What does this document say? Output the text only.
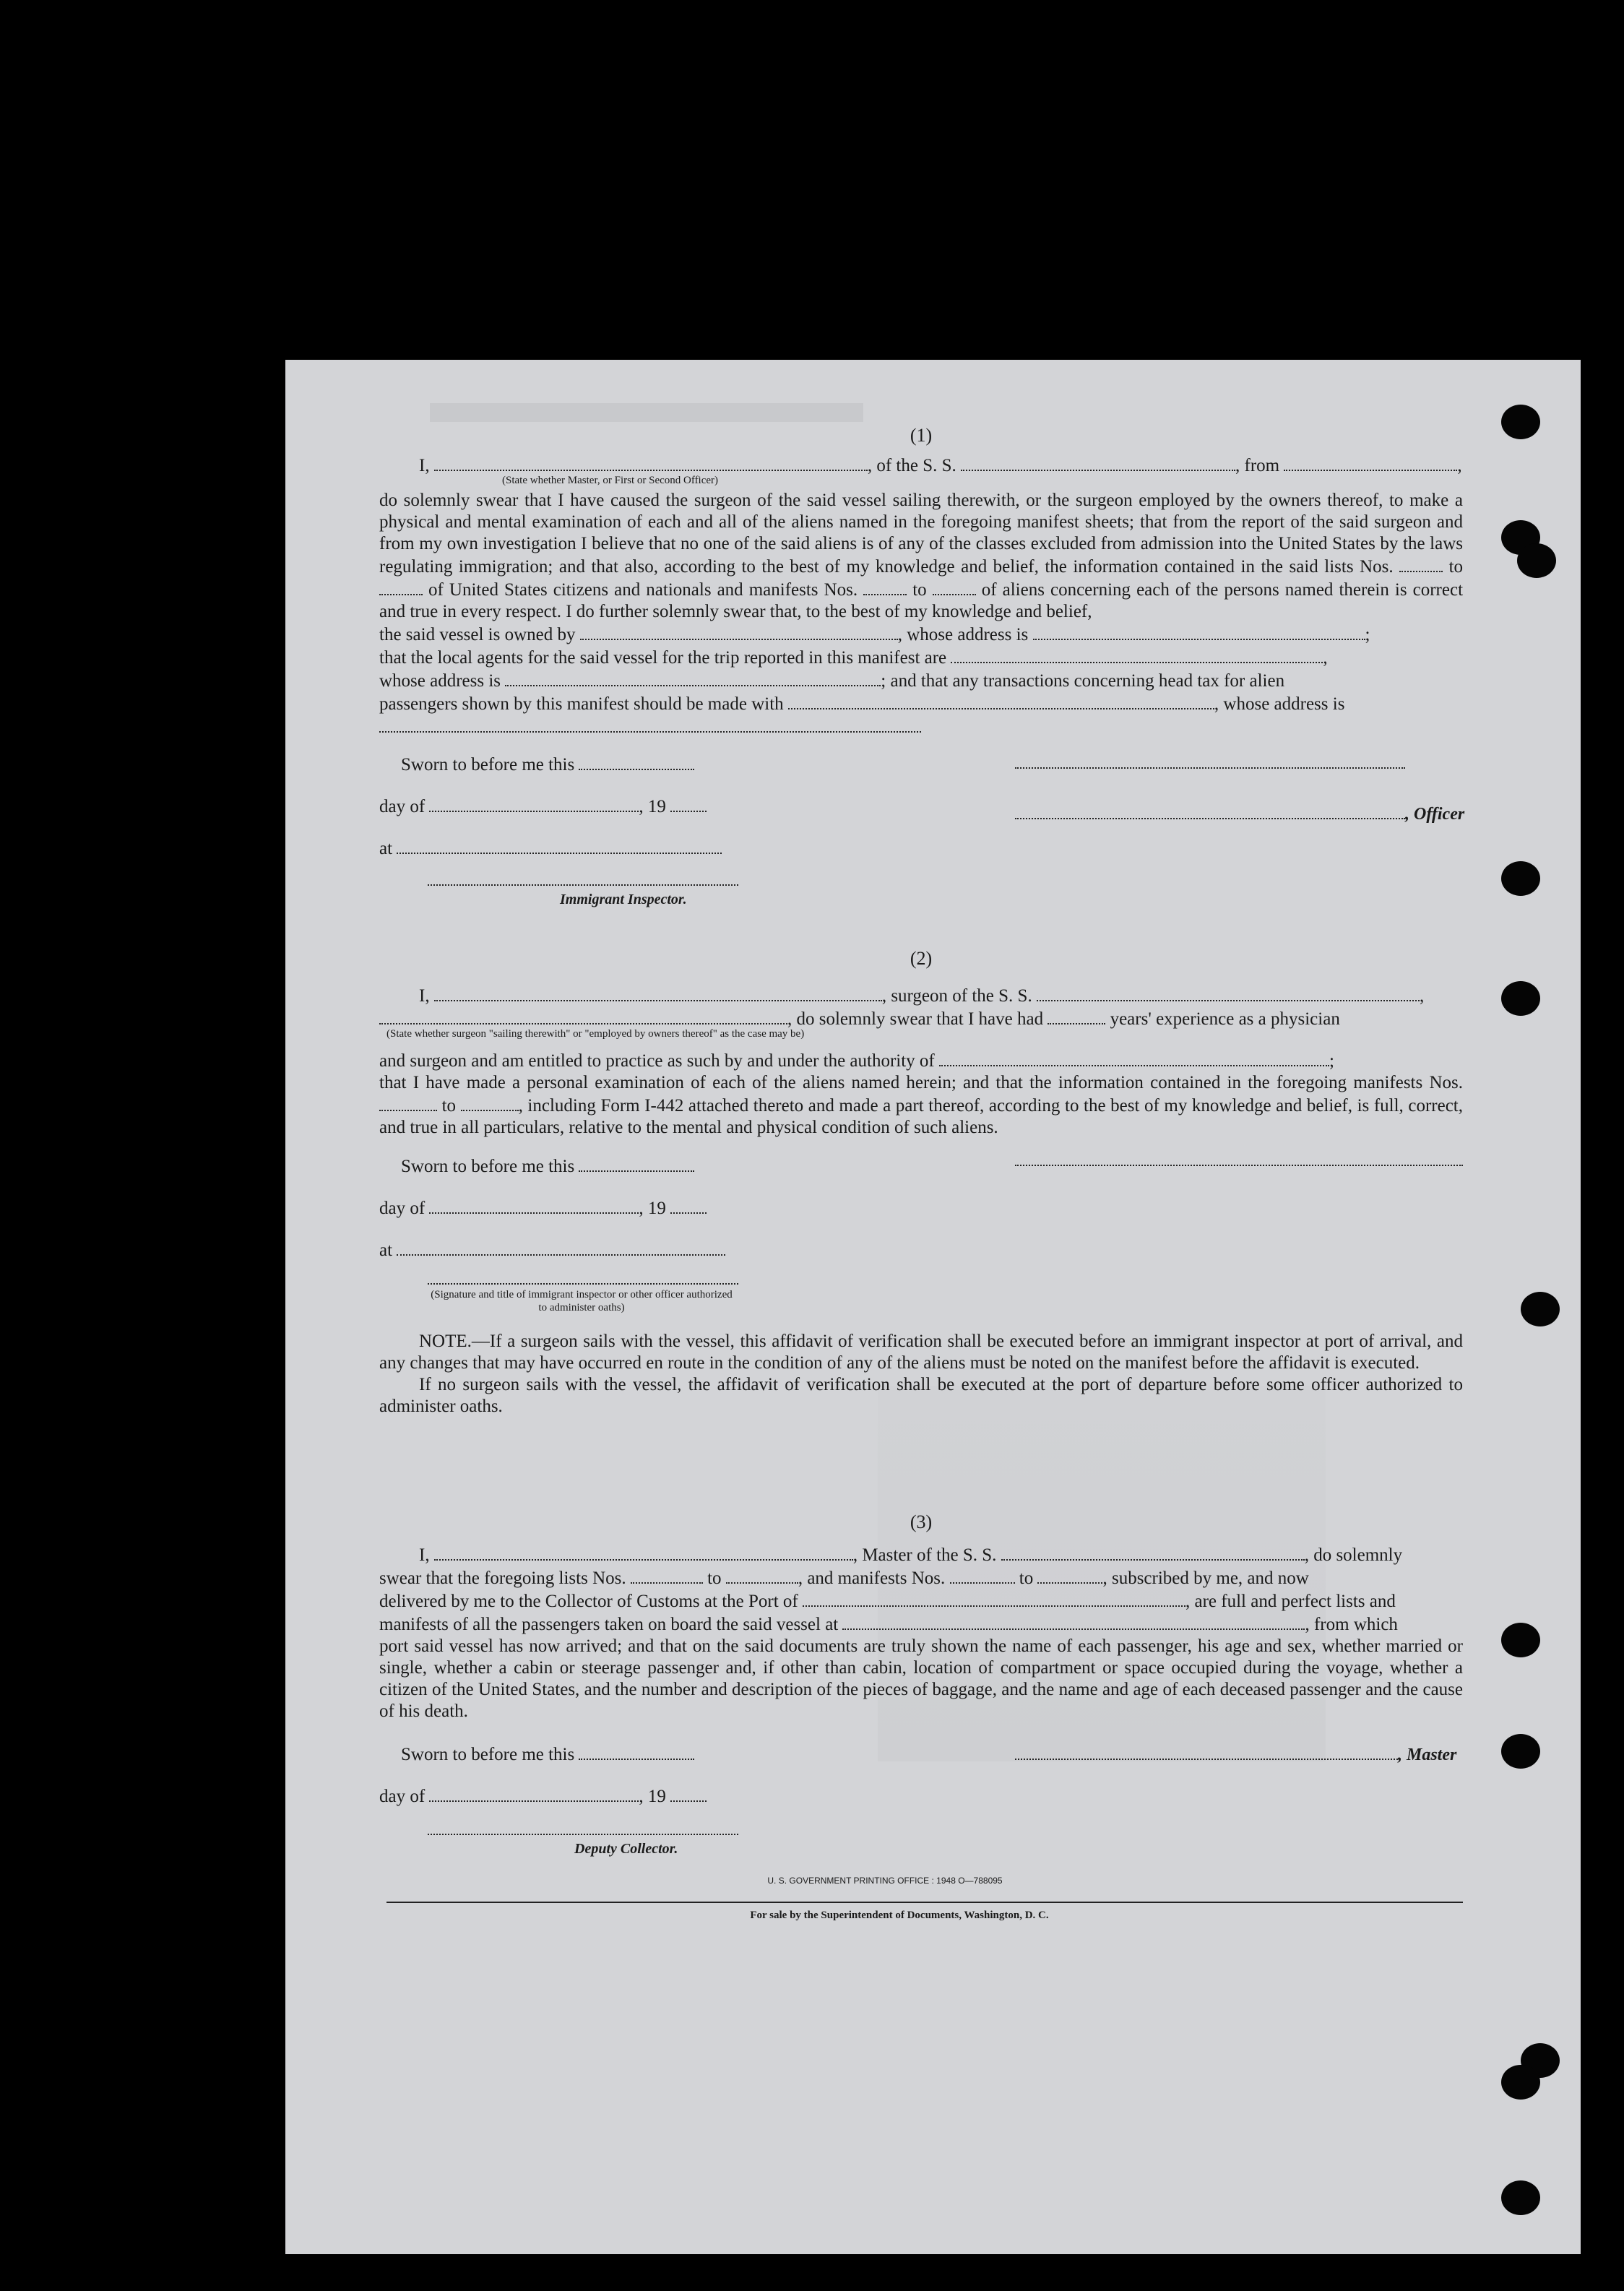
(1)

I,	, of the S. S.	, from	,
(State whether Master, or First or Second Officer)

do solemnly swear that I have caused the surgeon of the said vessel sailing therewith, or the surgeon employed by the owners thereof, to make a physical and mental examination of each and all of the aliens named in the foregoing manifest sheets; that from the report of the said surgeon and from my own investigation I believe that no one of the said aliens is of any of the classes excluded from admission into the United States by the laws regulating immigration; and that also, according to the best of my knowledge and belief, the information contained in the said lists Nos.	to  of United States citizens and nationals and manifests Nos.	to	of aliens concerning each of the persons named therein is correct and true in every respect. I do further solemnly swear that, to the best of my knowledge and belief,

the said vessel is owned by	, whose address is	;
that the local agents for the said vessel for the trip reported in this manifest are	,
whose address is	; and that any transactions concerning head tax for alien
passengers shown by this manifest should be made with	, whose address is
Sworn to before me this
day of	, 19
at
Immigrant Inspector.
, Officer

(2)

I,	, surgeon of the S. S.	,
, do solemnly swear that I have had	years' experience as a physician
(State whether surgeon "sailing therewith" or "employed by owners thereof" as the case may be)
and surgeon and am entitled to practice as such by and under the authority of	;

that I have made a personal examination of each of the aliens named herein; and that the information contained in the foregoing manifests Nos.  to	, including Form I-442 attached thereto and made a part thereof, according to the best of my knowledge and belief, is full, correct, and true in all particulars, relative to the mental and physical condition of such aliens.

Sworn to before me this
day of	, 19
at
(Signature and title of immigrant inspector or other officer authorized to administer oaths)

NOTE.—If a surgeon sails with the vessel, this affidavit of verification shall be executed before an immigrant inspector at port of arrival, and any changes that may have occurred en route in the condition of any of the aliens must be noted on the manifest before the affidavit is executed.

If no surgeon sails with the vessel, the affidavit of verification shall be executed at the port of departure before some officer authorized to administer oaths.

(3)

I,	, Master of the S. S.	, do solemnly
swear that the foregoing lists Nos.	to	, and manifests Nos.	to	, subscribed by me, and now
delivered by me to the Collector of Customs at the Port of	, are full and perfect lists and
manifests of all the passengers taken on board the said vessel at	, from which

port said vessel has now arrived; and that on the said documents are truly shown the name of each passenger, his age and sex, whether married or single, whether a cabin or steerage passenger and, if other than cabin, location of compartment or space occupied during the voyage, whether a citizen of the United States, and the number and description of the pieces of baggage, and the name and age of each deceased passenger and the cause of his death.

Sworn to before me this	, Master
day of	, 19
Deputy Collector.
U. S. GOVERNMENT PRINTING OFFICE : 1948 O—788095
For sale by the Superintendent of Documents, Washington, D. C.
